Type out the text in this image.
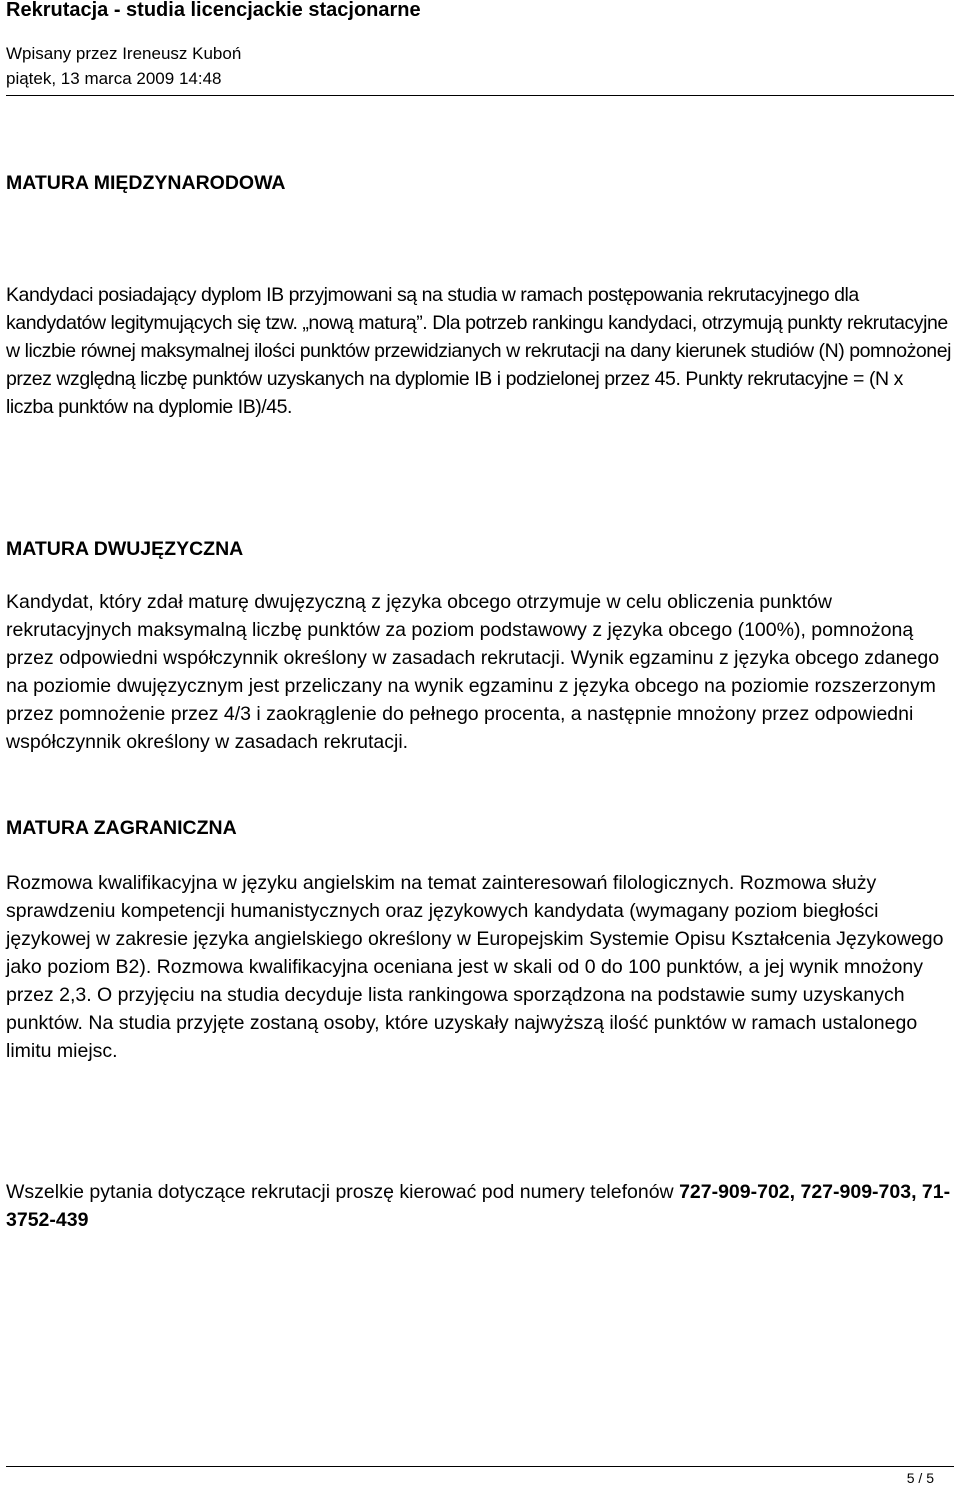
Rekrutacja - studia licencjackie stacjonarne
Wpisany przez Ireneusz Kuboń
piątek, 13 marca 2009 14:48
MATURA MIĘDZYNARODOWA

Kandydaci posiadający dyplom IB przyjmowani są na studia w ramach postępowania rekrutacyjnego dla kandydatów legitymujących się tzw. „nową maturą”. Dla potrzeb rankingu kandydaci, otrzymują punkty rekrutacyjne w liczbie równej maksymalnej ilości punktów przewidzianych w rekrutacji na dany kierunek studiów (N) pomnożonej przez względną liczbę punktów uzyskanych na dyplomie IB i podzielonej przez 45. Punkty rekrutacyjne = (N x liczba punktów na dyplomie IB)/45.

MATURA DWUJĘZYCZNA

Kandydat, który zdał maturę dwujęzyczną z języka obcego otrzymuje w celu obliczenia punktów rekrutacyjnych maksymalną liczbę punktów za poziom podstawowy z języka obcego (100%), pomnożoną przez odpowiedni współczynnik określony w zasadach rekrutacji. Wynik egzaminu z języka obcego zdanego na poziomie dwujęzycznym jest przeliczany na wynik egzaminu z języka obcego na poziomie rozszerzonym przez pomnożenie przez 4/3 i zaokrąglenie do pełnego procenta, a następnie mnożony przez odpowiedni współczynnik określony w zasadach rekrutacji.

MATURA ZAGRANICZNA

Rozmowa kwalifikacyjna w języku angielskim na temat zainteresowań filologicznych. Rozmowa służy sprawdzeniu kompetencji humanistycznych oraz językowych kandydata (wymagany poziom biegłości językowej w zakresie języka angielskiego określony w Europejskim Systemie Opisu Kształcenia Językowego jako poziom B2). Rozmowa kwalifikacyjna oceniana jest w skali od 0 do 100 punktów, a jej wynik mnożony przez 2,3. O przyjęciu na studia decyduje lista rankingowa sporządzona na podstawie sumy uzyskanych punktów. Na studia przyjęte zostaną osoby, które uzyskały najwyższą ilość punktów w ramach ustalonego limitu miejsc.

Wszelkie pytania dotyczące rekrutacji proszę kierować pod numery telefonów 727-909-702, 727-909-703, 71-3752-439

5 / 5
